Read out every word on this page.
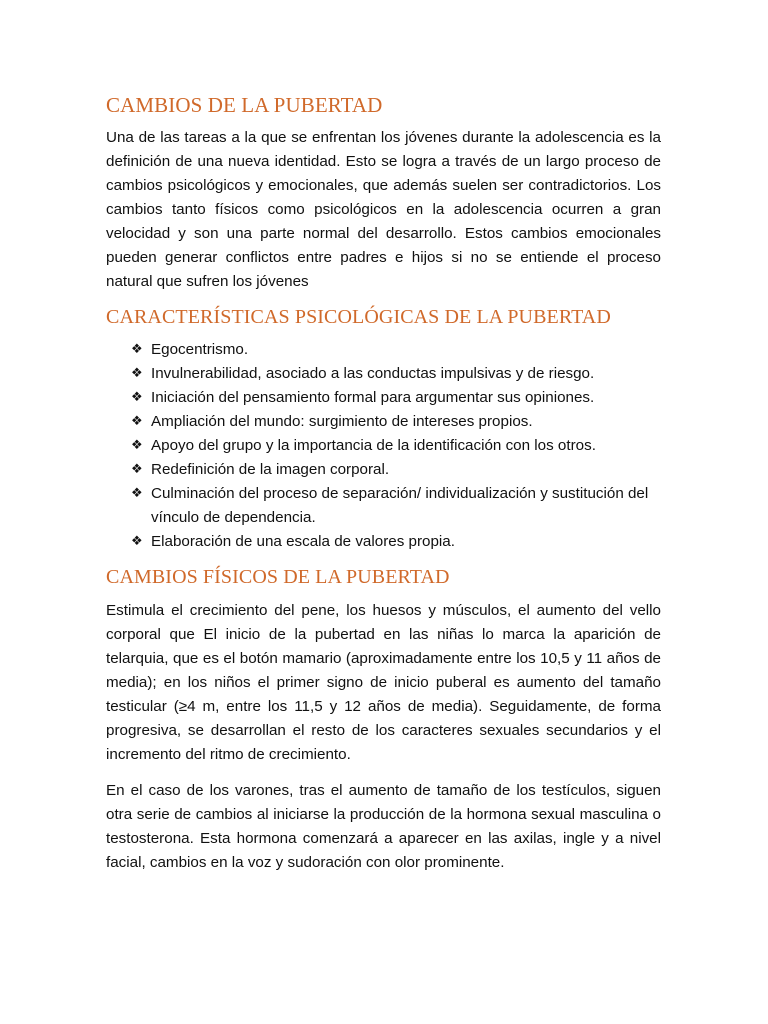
CAMBIOS DE LA PUBERTAD

Una de las tareas a la que se enfrentan los jóvenes durante la adolescencia es la definición de una nueva identidad. Esto se logra a través de un largo proceso de cambios psicológicos y emocionales, que además suelen ser contradictorios. Los cambios tanto físicos como psicológicos en la adolescencia ocurren a gran velocidad y son una parte normal del desarrollo. Estos cambios emocionales pueden generar conflictos entre padres e hijos si no se entiende el proceso natural que sufren los jóvenes

CARACTERÍSTICAS PSICOLÓGICAS DE LA PUBERTAD
❖ Egocentrismo.
❖ Invulnerabilidad, asociado a las conductas impulsivas y de riesgo.
❖ Iniciación del pensamiento formal para argumentar sus opiniones.
❖ Ampliación del mundo: surgimiento de intereses propios.
❖ Apoyo del grupo y la importancia de la identificación con los otros.
❖ Redefinición de la imagen corporal.
❖ Culminación del proceso de separación/ individualización y sustitución del vínculo de dependencia.
❖ Elaboración de una escala de valores propia.
CAMBIOS FÍSICOS DE LA PUBERTAD

Estimula el crecimiento del pene, los huesos y músculos, el aumento del vello corporal que El inicio de la pubertad en las niñas lo marca la aparición de telarquia, que es el botón mamario (aproximadamente entre los 10,5 y 11 años de media); en los niños el primer signo de inicio puberal es aumento del tamaño testicular (≥4 m, entre los 11,5 y 12 años de media). Seguidamente, de forma progresiva, se desarrollan el resto de los caracteres sexuales secundarios y el incremento del ritmo de crecimiento.

En el caso de los varones, tras el aumento de tamaño de los testículos, siguen otra serie de cambios al iniciarse la producción de la hormona sexual masculina o testosterona. Esta hormona comenzará a aparecer en las axilas, ingle y a nivel facial, cambios en la voz y sudoración con olor prominente.
